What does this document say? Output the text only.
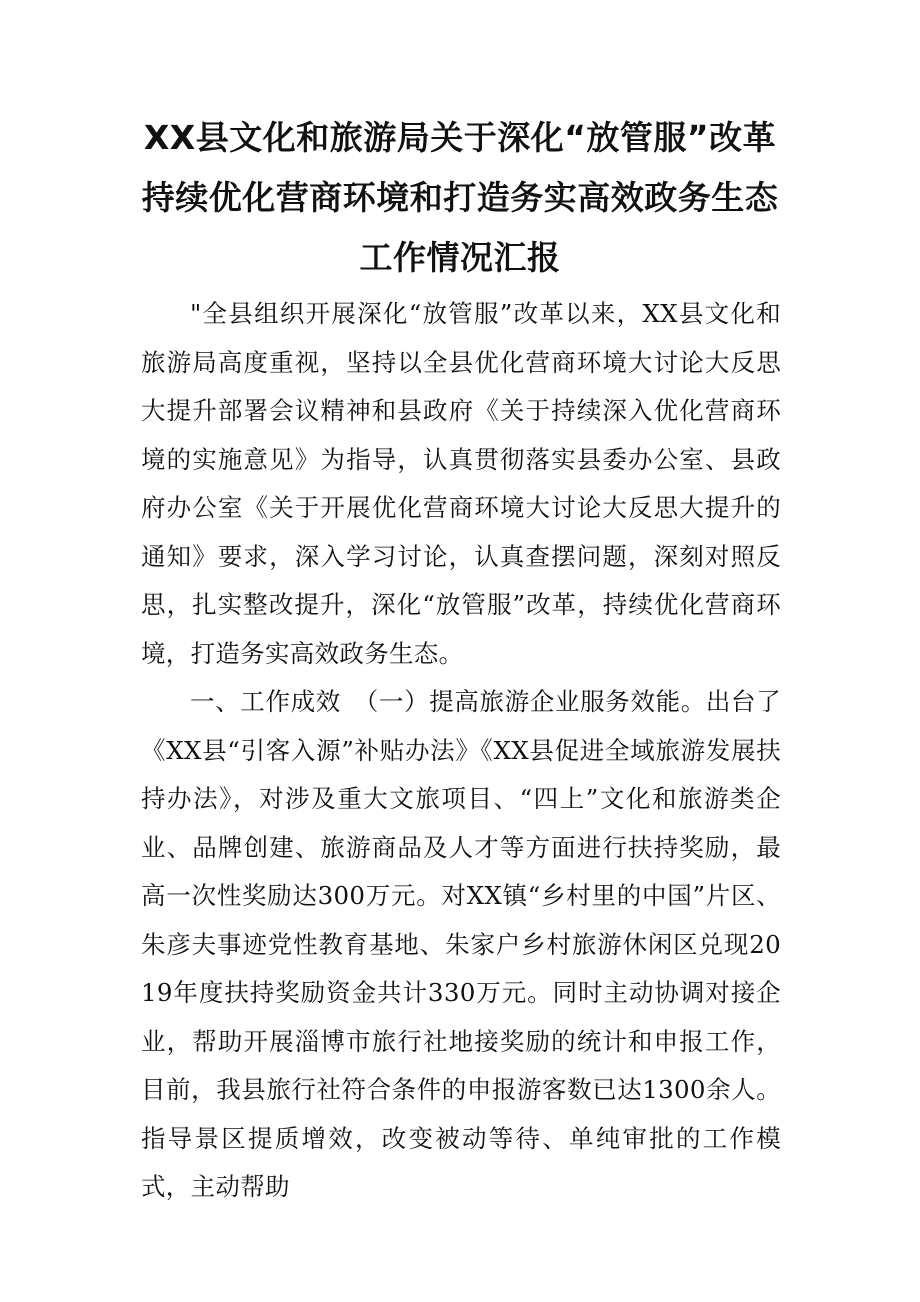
XX县文化和旅游局关于深化“放管服”改革
持续优化营商环境和打造务实高效政务生态
工作情况汇报

"全县组织开展深化“放管服”改革以来，XX县文化和旅游局高度重视，坚持以全县优化营商环境大讨论大反思大提升部署会议精神和县政府《关于持续深入优化营商环境的实施意见》为指导，认真贯彻落实县委办公室、县政府办公室《关于开展优化营商环境大讨论大反思大提升的通知》要求，深入学习讨论，认真查摆问题，深刻对照反思，扎实整改提升，深化“放管服”改革，持续优化营商环境，打造务实高效政务生态。

一、工作成效　（一）提高旅游企业服务效能。出台了《XX县“引客入源”补贴办法》《XX县促进全域旅游发展扶持办法》，对涉及重大文旅项目、“四上”文化和旅游类企业、品牌创建、旅游商品及人才等方面进行扶持奖励，最高一次性奖励达300万元。对XX镇“乡村里的中国”片区、朱彦夫事迹党性教育基地、朱家户乡村旅游休闲区兑现2019年度扶持奖励资金共计330万元。同时主动协调对接企业，帮助开展淄博市旅行社地接奖励的统计和申报工作，目前，我县旅行社符合条件的申报游客数已达1300余人。指导景区提质增效，改变被动等待、单纯审批的工作模式，主动帮助
